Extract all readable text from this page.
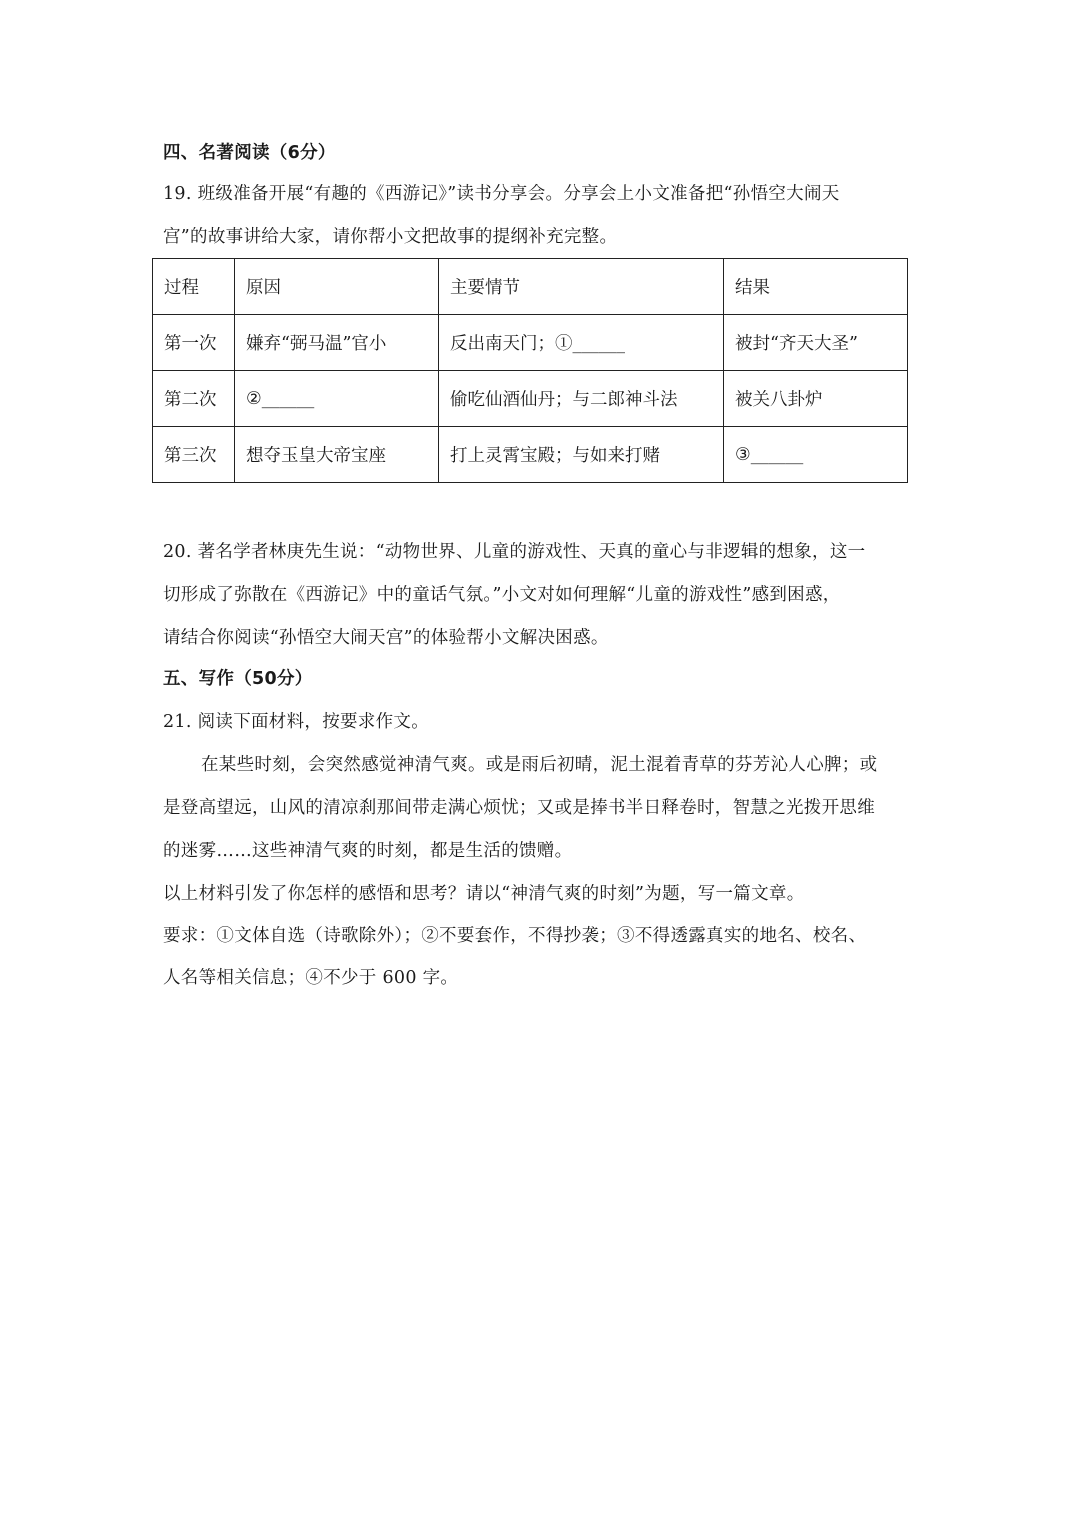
四、名著阅读（6分）
19. 班级准备开展“有趣的《西游记》”读书分享会。分享会上小文准备把“孙悟空大闹天
宫”的故事讲给大家，请你帮小文把故事的提纲补充完整。
过程	原因	主要情节	结果
第一次	嫌弃“弼马温”官小	反出南天门；①______	被封“齐天大圣”
第二次	②______	偷吃仙酒仙丹；与二郎神斗法	被关八卦炉
第三次	想夺玉皇大帝宝座	打上灵霄宝殿；与如来打赌	③______
20. 著名学者林庚先生说：“动物世界、儿童的游戏性、天真的童心与非逻辑的想象，这一
切形成了弥散在《西游记》中的童话气氛。”小文对如何理解“儿童的游戏性”感到困惑，
请结合你阅读“孙悟空大闹天宫”的体验帮小文解决困惑。
五、写作（50分）
21. 阅读下面材料，按要求作文。
在某些时刻，会突然感觉神清气爽。或是雨后初晴，泥土混着青草的芬芳沁人心脾；或
是登高望远，山风的清凉刹那间带走满心烦忧；又或是捧书半日释卷时，智慧之光拨开思维
的迷雾……这些神清气爽的时刻，都是生活的馈赠。
以上材料引发了你怎样的感悟和思考？请以“神清气爽的时刻”为题，写一篇文章。
要求：①文体自选（诗歌除外）；②不要套作，不得抄袭；③不得透露真实的地名、校名、
人名等相关信息；④不少于 600 字。
